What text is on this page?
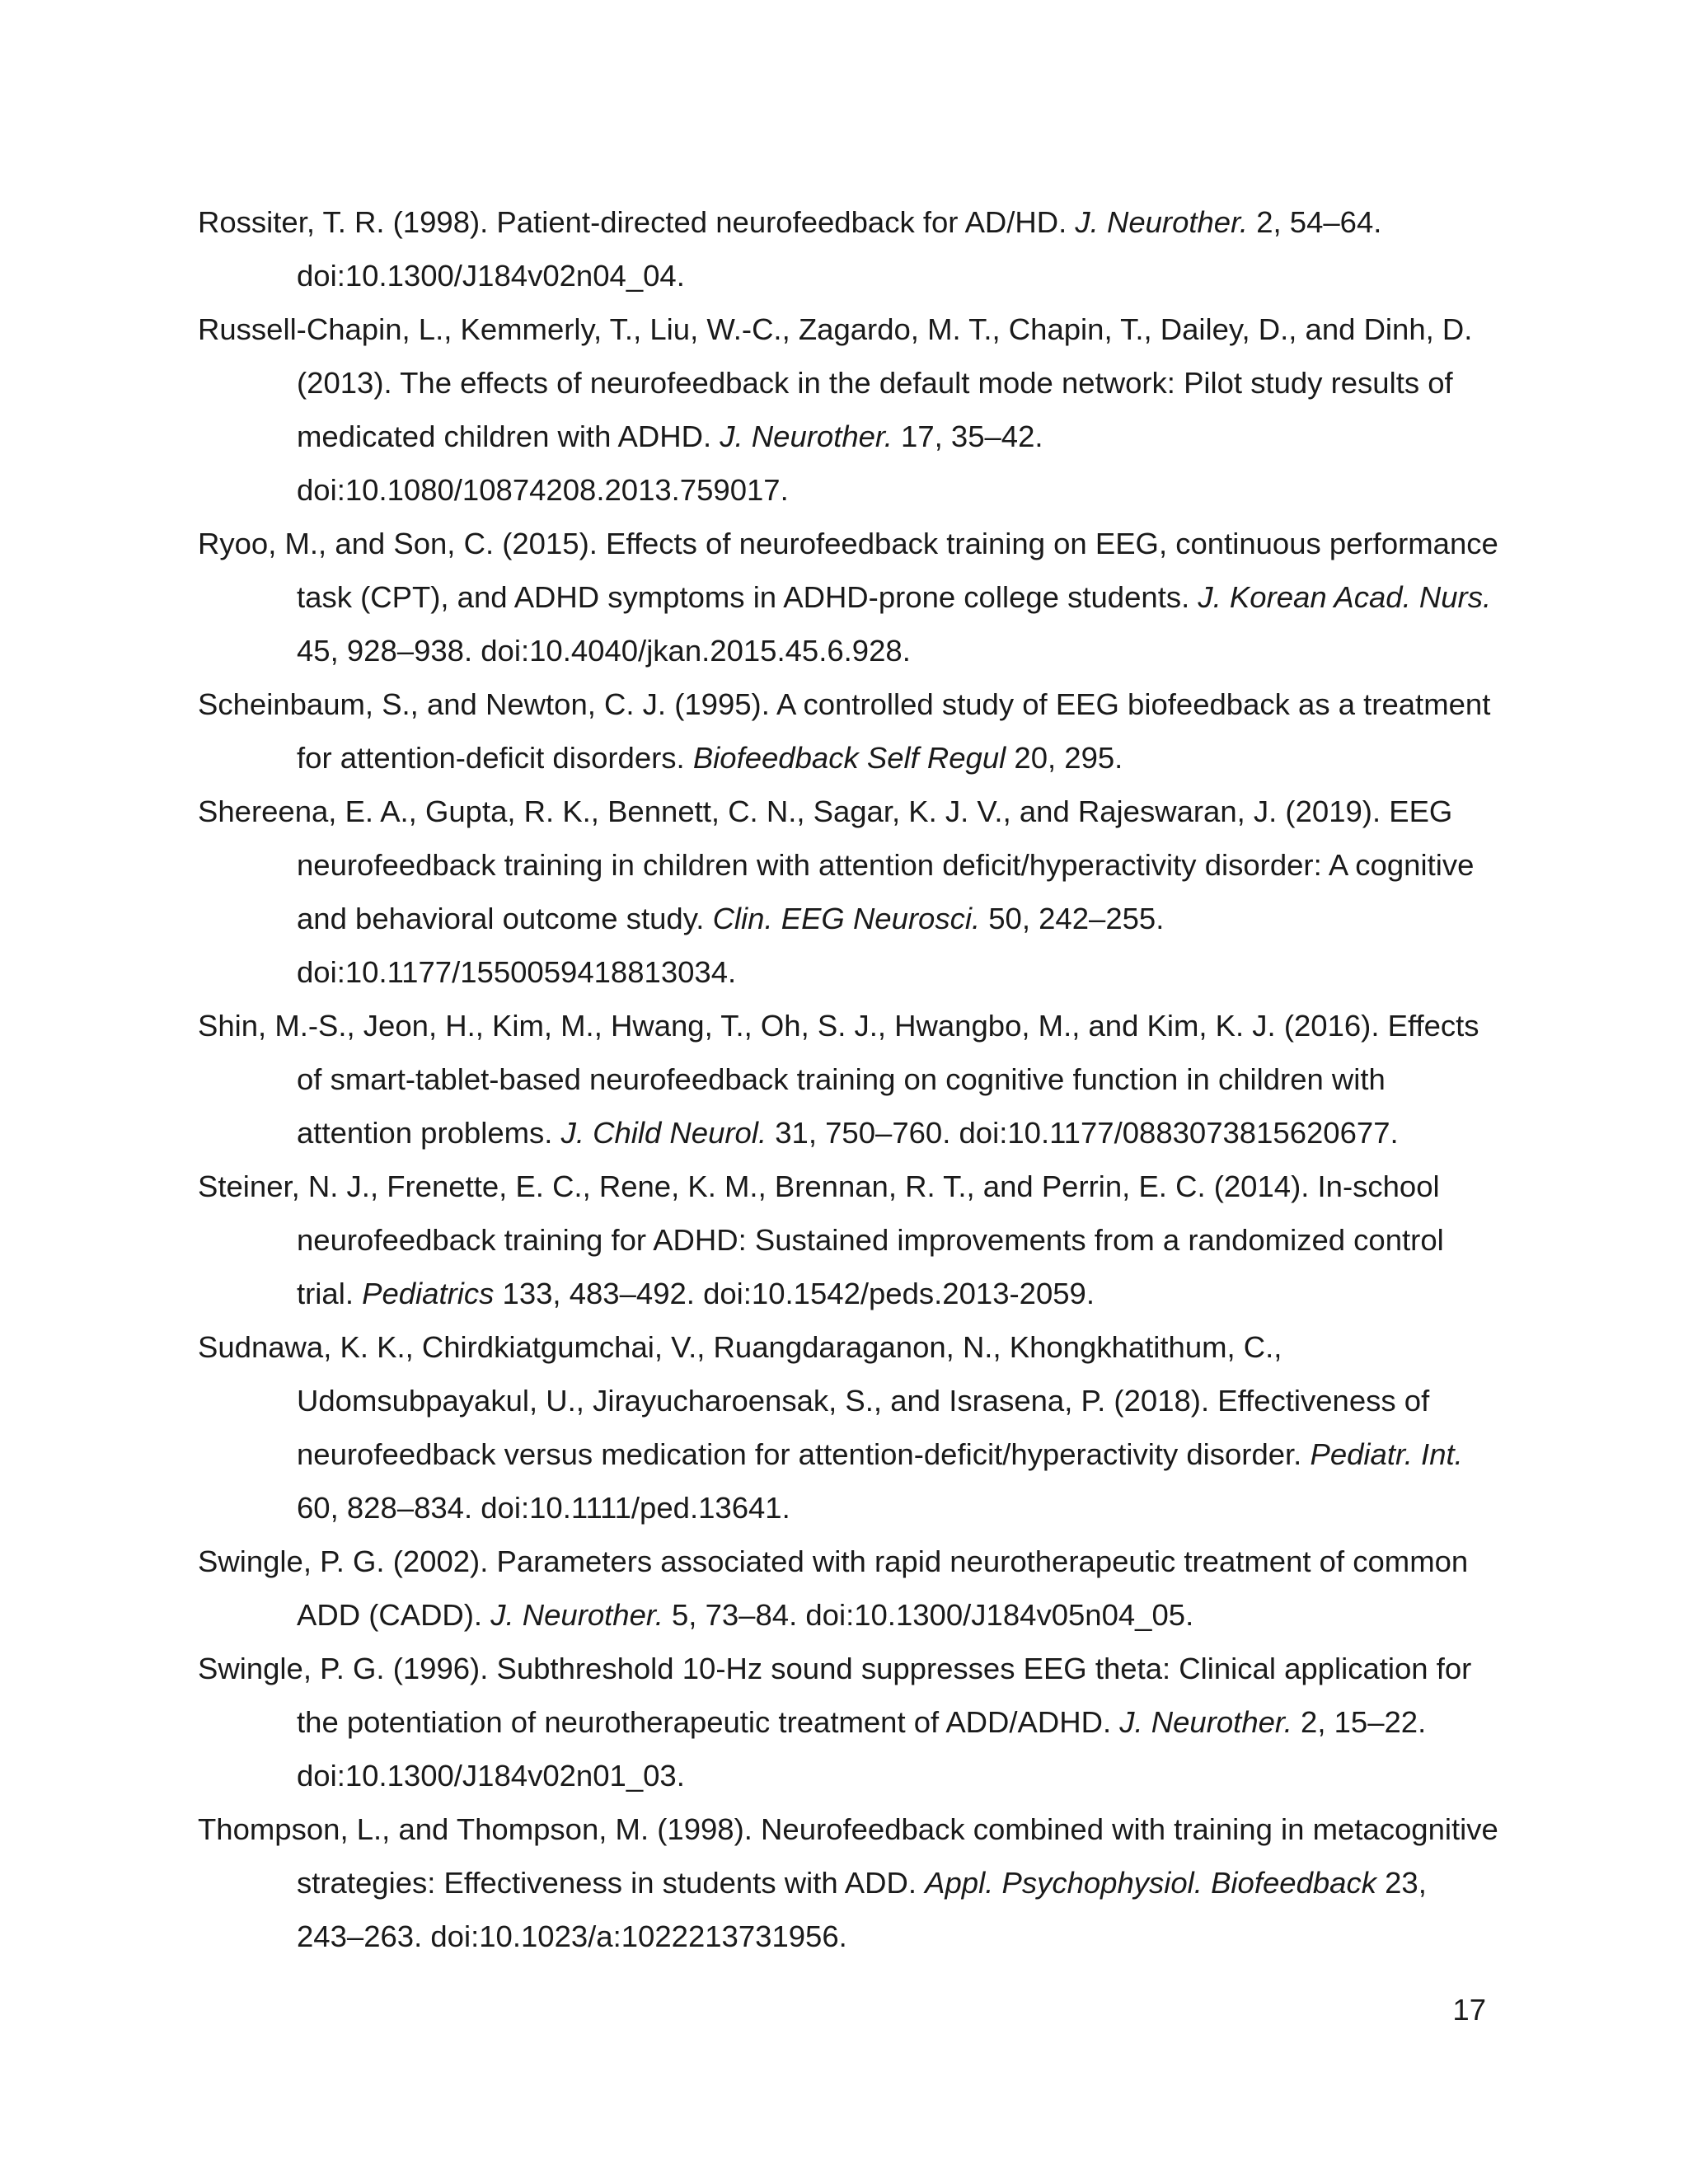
Rossiter, T. R. (1998). Patient-directed neurofeedback for AD/HD. J. Neurother. 2, 54–64. doi:10.1300/J184v02n04_04.
Russell-Chapin, L., Kemmerly, T., Liu, W.-C., Zagardo, M. T., Chapin, T., Dailey, D., and Dinh, D. (2013). The effects of neurofeedback in the default mode network: Pilot study results of medicated children with ADHD. J. Neurother. 17, 35–42. doi:10.1080/10874208.2013.759017.
Ryoo, M., and Son, C. (2015). Effects of neurofeedback training on EEG, continuous performance task (CPT), and ADHD symptoms in ADHD-prone college students. J. Korean Acad. Nurs. 45, 928–938. doi:10.4040/jkan.2015.45.6.928.
Scheinbaum, S., and Newton, C. J. (1995). A controlled study of EEG biofeedback as a treatment for attention-deficit disorders. Biofeedback Self Regul 20, 295.
Shereena, E. A., Gupta, R. K., Bennett, C. N., Sagar, K. J. V., and Rajeswaran, J. (2019). EEG neurofeedback training in children with attention deficit/hyperactivity disorder: A cognitive and behavioral outcome study. Clin. EEG Neurosci. 50, 242–255. doi:10.1177/1550059418813034.
Shin, M.-S., Jeon, H., Kim, M., Hwang, T., Oh, S. J., Hwangbo, M., and Kim, K. J. (2016). Effects of smart-tablet-based neurofeedback training on cognitive function in children with attention problems. J. Child Neurol. 31, 750–760. doi:10.1177/0883073815620677.
Steiner, N. J., Frenette, E. C., Rene, K. M., Brennan, R. T., and Perrin, E. C. (2014). In-school neurofeedback training for ADHD: Sustained improvements from a randomized control trial. Pediatrics 133, 483–492. doi:10.1542/peds.2013-2059.
Sudnawa, K. K., Chirdkiatgumchai, V., Ruangdaraganon, N., Khongkhatithum, C., Udomsubpayakul, U., Jirayucharoensak, S., and Israsena, P. (2018). Effectiveness of neurofeedback versus medication for attention-deficit/hyperactivity disorder. Pediatr. Int. 60, 828–834. doi:10.1111/ped.13641.
Swingle, P. G. (2002). Parameters associated with rapid neurotherapeutic treatment of common ADD (CADD). J. Neurother. 5, 73–84. doi:10.1300/J184v05n04_05.
Swingle, P. G. (1996). Subthreshold 10-Hz sound suppresses EEG theta: Clinical application for the potentiation of neurotherapeutic treatment of ADD/ADHD. J. Neurother. 2, 15–22. doi:10.1300/J184v02n01_03.
Thompson, L., and Thompson, M. (1998). Neurofeedback combined with training in metacognitive strategies: Effectiveness in students with ADD. Appl. Psychophysiol. Biofeedback 23, 243–263. doi:10.1023/a:1022213731956.
17
